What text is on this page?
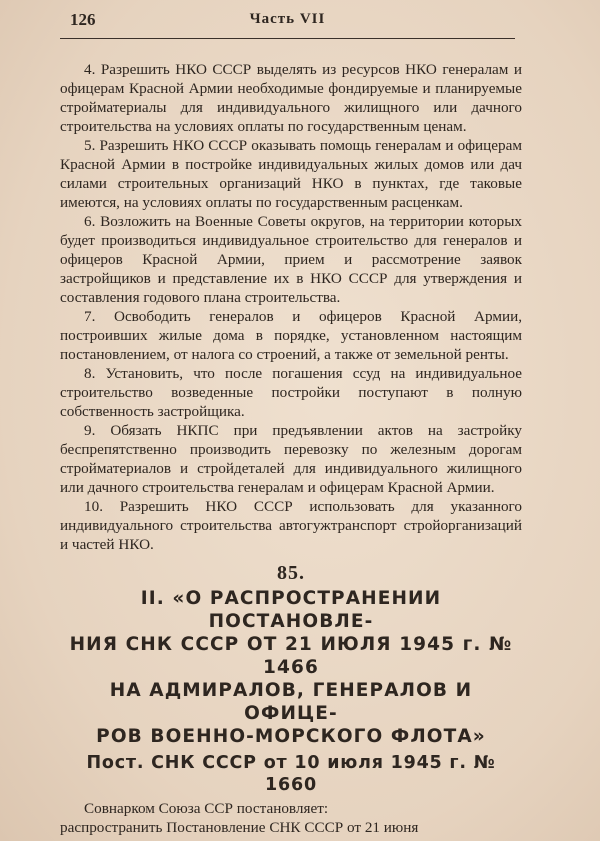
126	Часть VII

4. Разрешить НКО СССР выделять из ресурсов НКО генералам и офицерам Красной Армии необходимые фондируемые и планируемые стройматериалы для индивидуального жилищного или дачного строительства на условиях оплаты по государственным ценам.

5. Разрешить НКО СССР оказывать помощь генералам и офицерам Красной Армии в постройке индивидуальных жилых домов или дач силами строительных организаций НКО в пунктах, где таковые имеются, на условиях оплаты по государственным расценкам.

6. Возложить на Военные Советы округов, на территории которых будет производиться индивидуальное строительство для генералов и офицеров Красной Армии, прием и рассмотрение заявок застройщиков и представление их в НКО СССР для утверждения и составления годового плана строительства.

7. Освободить генералов и офицеров Красной Армии, построивших жилые дома в порядке, установленном настоящим постановлением, от налога со строений, а также от земельной ренты.

8. Установить, что после погашения ссуд на индивидуальное строительство возведенные постройки поступают в полную собственность застройщика.

9. Обязать НКПС при предъявлении актов на застройку беспрепятственно производить перевозку по железным дорогам стройматериалов и стройдеталей для индивидуального жилищного или дачного строительства генералам и офицерам Красной Армии.

10. Разрешить НКО СССР использовать для указанного индивидуального строительства автогужтранспорт стройорганизаций и частей НКО.

85.

II. «О РАСПРОСТРАНЕНИИ ПОСТАНОВЛЕ-
НИЯ СНК СССР ОТ 21 ИЮЛЯ 1945 г. № 1466
НА АДМИРАЛОВ, ГЕНЕРАЛОВ И ОФИЦЕ-
РОВ ВОЕННО-МОРСКОГО ФЛОТА»

Пост. СНК СССР от 10 июля 1945 г. № 1660

Совнарком Союза ССР постановляет:

распространить Постановление СНК СССР от 21 июня
